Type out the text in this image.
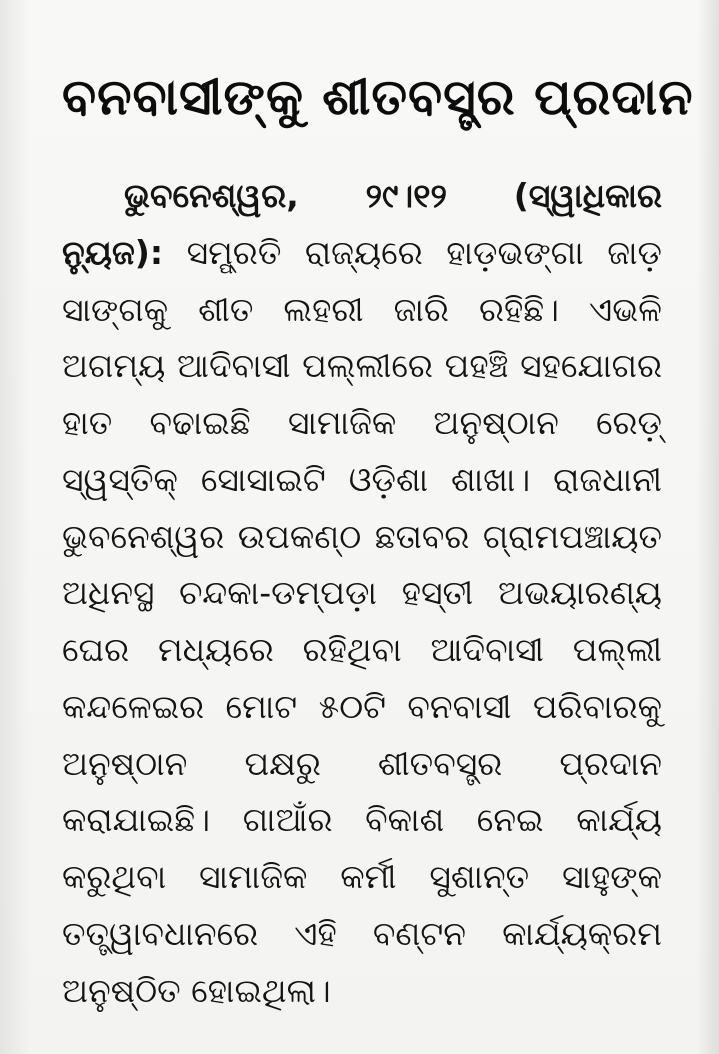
ବନବାସୀଙ୍କୁ ଶୀତବସ୍ତ୍ର ପ୍ରଦାନ

ଭୁବନେଶ୍ୱର, ୨୯।୧୨ (ସ୍ୱାଧିକାର ନ୍ୟୁଜ): ସମ୍ପ୍ରତି ରାଜ୍ୟରେ ହାଡ଼ଭଙ୍ଗା ଜାଡ଼ ସାଙ୍ଗକୁ ଶୀତ ଲହରୀ ଜାରି ରହିଛି। ଏଭଳି ଅଗମ୍ୟ ଆଦିବାସୀ ପଲ୍ଲୀରେ ପହଞ୍ଚି ସହଯୋଗର ହାତ ବଢାଇଛି ସାମାଜିକ ଅନୁଷ୍ଠାନ ରେଡ଼୍ ସ୍ୱସ୍ତିକ୍ ସୋସାଇଟି ଓଡ଼ିଶା ଶାଖା। ରାଜଧାନୀ ଭୁବନେଶ୍ୱର ଉପକଣ୍ଠ ଛତାବର ଗ୍ରାମପଞ୍ଚାୟତ ଅଧିନସ୍ଥ ଚନ୍ଦକା-ଡମ୍ପଡ଼ା ହସ୍ତୀ ଅଭୟାରଣ୍ୟ ଘେର ମଧ୍ୟରେ ରହିଥିବା ଆଦିବାସୀ ପଲ୍ଲୀ କନ୍ଦଳେଇର ମୋଟ ୫୦ଟି ବନବାସୀ ପରିବାରକୁ ଅନୁଷ୍ଠାନ ପକ୍ଷରୁ ଶୀତବସ୍ତ୍ର ପ୍ରଦାନ କରାଯାଇଛି। ଗାଆଁର ବିକାଶ ନେଇ କାର୍ଯ୍ୟ କରୁଥିବା ସାମାଜିକ କର୍ମୀ ସୁଶାନ୍ତ ସାହୁଙ୍କ ତତ୍ତ୍ୱାବଧାନରେ ଏହି ବଣ୍ଟନ କାର୍ଯ୍ୟକ୍ରମ ଅନୁଷ୍ଠିତ ହୋଇଥିଲା।
